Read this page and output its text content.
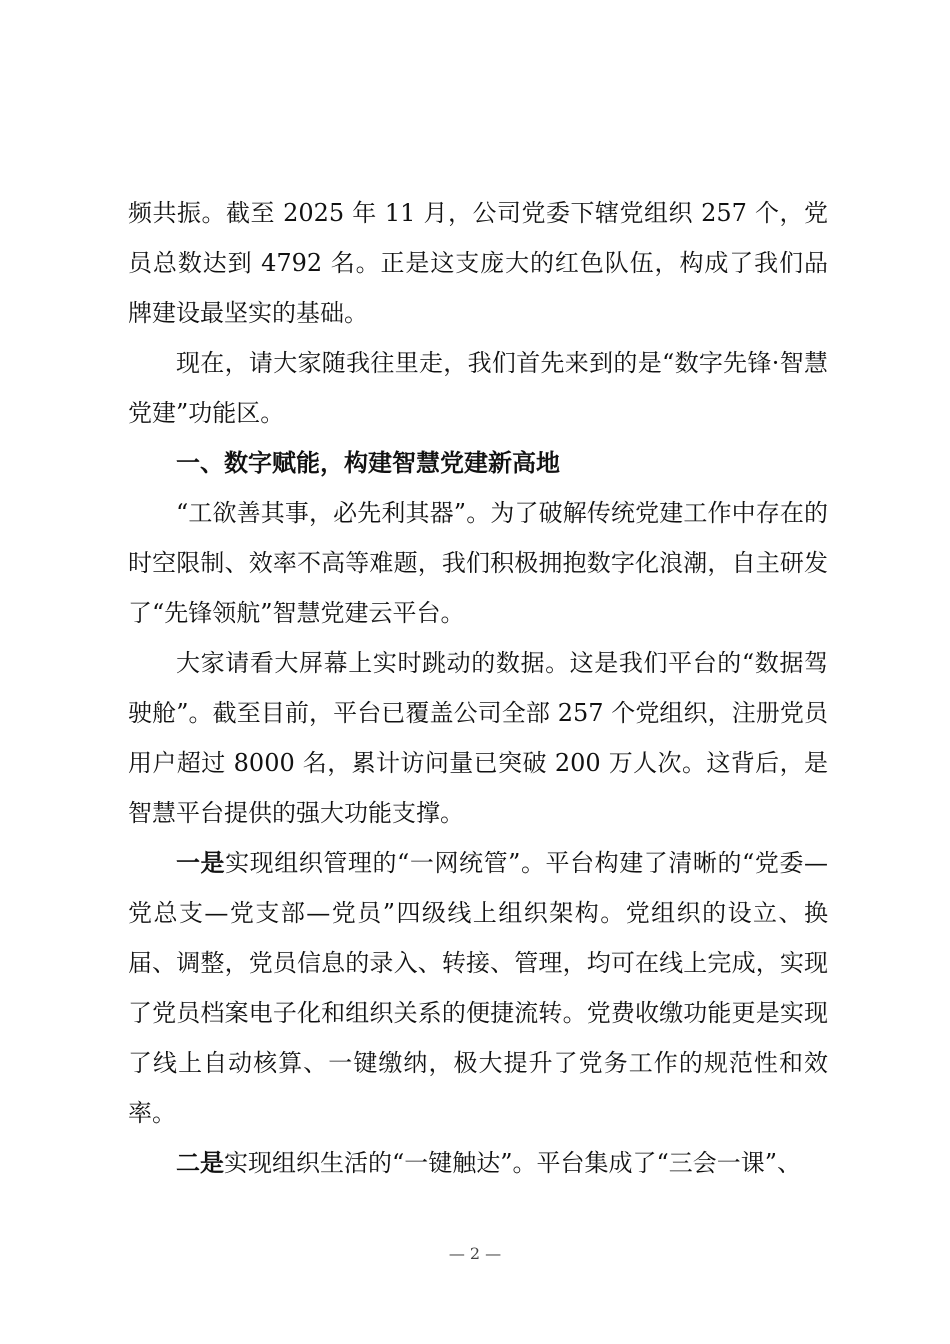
频共振。截至 2025 年 11 月，公司党委下辖党组织 257 个，党员总数达到 4792 名。正是这支庞大的红色队伍，构成了我们品牌建设最坚实的基础。

现在，请大家随我往里走，我们首先来到的是“数字先锋·智慧党建”功能区。

一、数字赋能，构建智慧党建新高地

“工欲善其事，必先利其器”。为了破解传统党建工作中存在的时空限制、效率不高等难题，我们积极拥抱数字化浪潮，自主研发了“先锋领航”智慧党建云平台。

大家请看大屏幕上实时跳动的数据。这是我们平台的“数据驾驶舱”。截至目前，平台已覆盖公司全部 257 个党组织，注册党员用户超过 8000 名，累计访问量已突破 200 万人次。这背后，是智慧平台提供的强大功能支撑。

一是实现组织管理的“一网统管”。平台构建了清晰的“党委—党总支—党支部—党员”四级线上组织架构。党组织的设立、换届、调整，党员信息的录入、转接、管理，均可在线上完成，实现了党员档案电子化和组织关系的便捷流转。党费收缴功能更是实现了线上自动核算、一键缴纳，极大提升了党务工作的规范性和效率。

二是实现组织生活的“一键触达”。平台集成了“三会一课”、

— 2 —
